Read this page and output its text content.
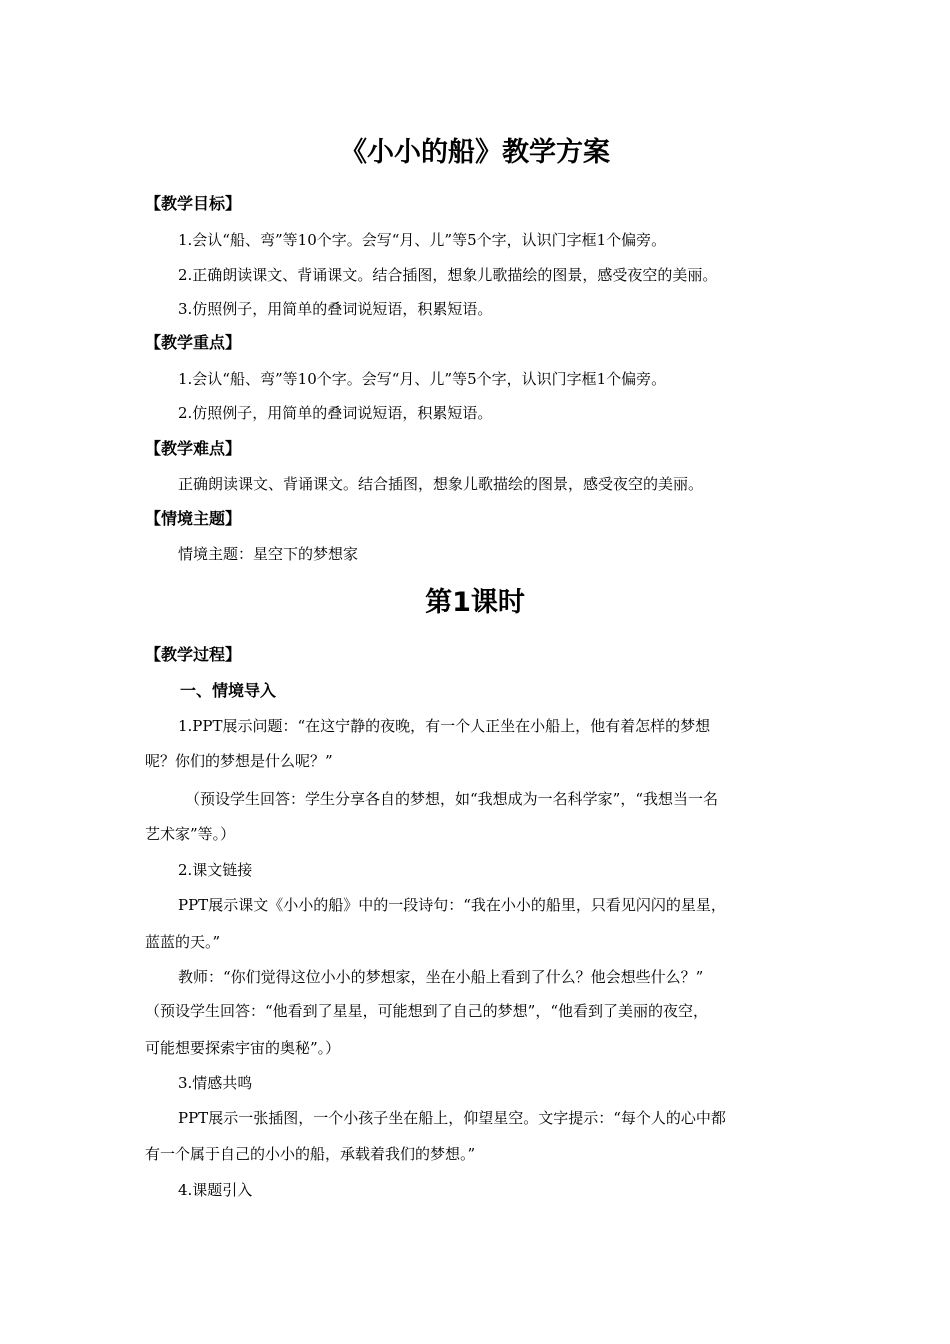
《小小的船》教学方案
【教学目标】
1.会认“船、弯”等10个字。会写“月、儿”等5个字，认识门字框1个偏旁。
2.正确朗读课文、背诵课文。结合插图，想象儿歌描绘的图景，感受夜空的美丽。
3.仿照例子，用简单的叠词说短语，积累短语。
【教学重点】
1.会认“船、弯”等10个字。会写“月、儿”等5个字，认识门字框1个偏旁。
2.仿照例子，用简单的叠词说短语，积累短语。
【教学难点】
正确朗读课文、背诵课文。结合插图，想象儿歌描绘的图景，感受夜空的美丽。
【情境主题】
情境主题：星空下的梦想家
第1课时
【教学过程】
一、情境导入
1.PPT展示问题：“在这宁静的夜晚，有一个人正坐在小船上，他有着怎样的梦想
呢？你们的梦想是什么呢？”
（预设学生回答：学生分享各自的梦想，如“我想成为一名科学家”，“我想当一名
艺术家”等。）
2.课文链接
PPT展示课文《小小的船》中的一段诗句：“我在小小的船里，只看见闪闪的星星，
蓝蓝的天。”
教师：“你们觉得这位小小的梦想家，坐在小船上看到了什么？他会想些什么？”
（预设学生回答：“他看到了星星，可能想到了自己的梦想”，“他看到了美丽的夜空，
可能想要探索宇宙的奥秘”。）
3.情感共鸣
PPT展示一张插图，一个小孩子坐在船上，仰望星空。文字提示：“每个人的心中都
有一个属于自己的小小的船，承载着我们的梦想。”
4.课题引入
